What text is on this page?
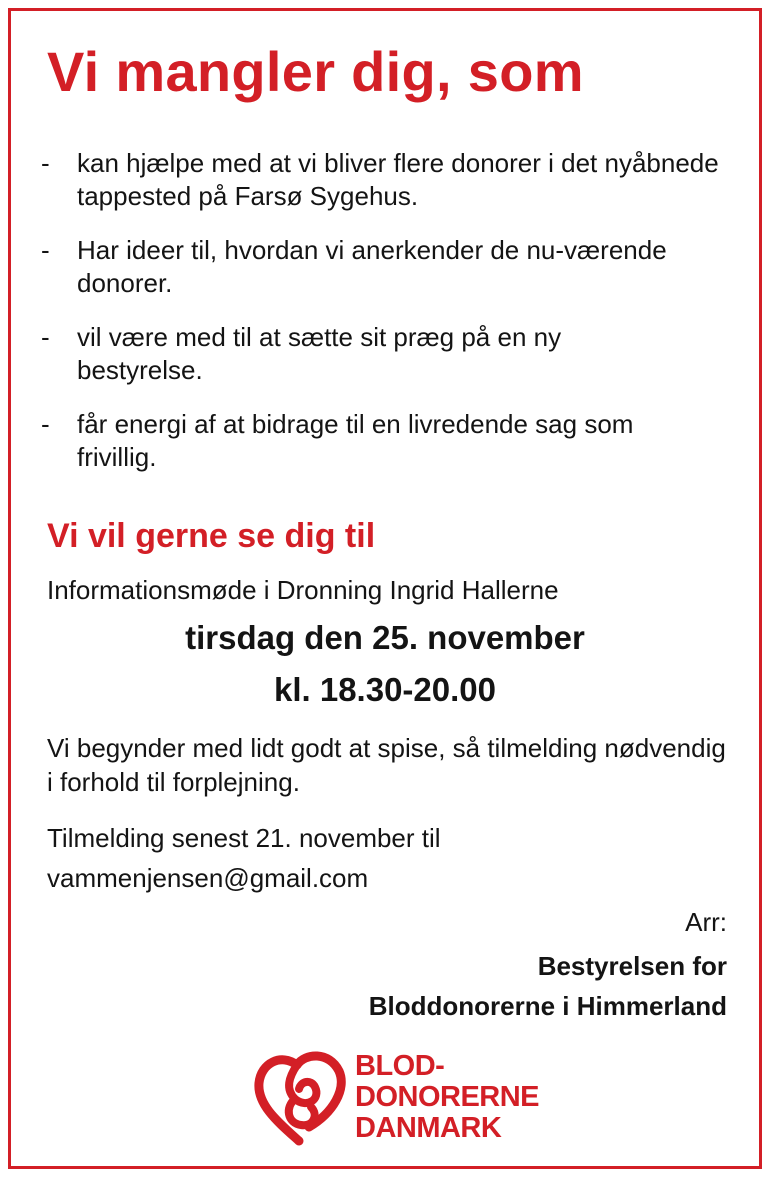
Vi mangler dig, som
- kan hjælpe med at vi bliver flere donorer i det nyåbnede tappested på Farsø Sygehus.
- Har ideer til, hvordan vi anerkender de nu-værende donorer.
- vil være med til at sætte sit præg på en ny bestyrelse.
- får energi af at bidrage til en livredende sag som frivillig.
Vi vil gerne se dig til

Informationsmøde i Dronning Ingrid Hallerne

tirsdag den 25. november

kl. 18.30-20.00

Vi begynder med lidt godt at spise, så tilmelding nødvendig i forhold til forplejning.

Tilmelding senest 21. november til

vammenjensen@gmail.com

Arr:

Bestyrelsen for

Bloddonorerne i Himmerland

BLOD-
DONORERNE
DANMARK
